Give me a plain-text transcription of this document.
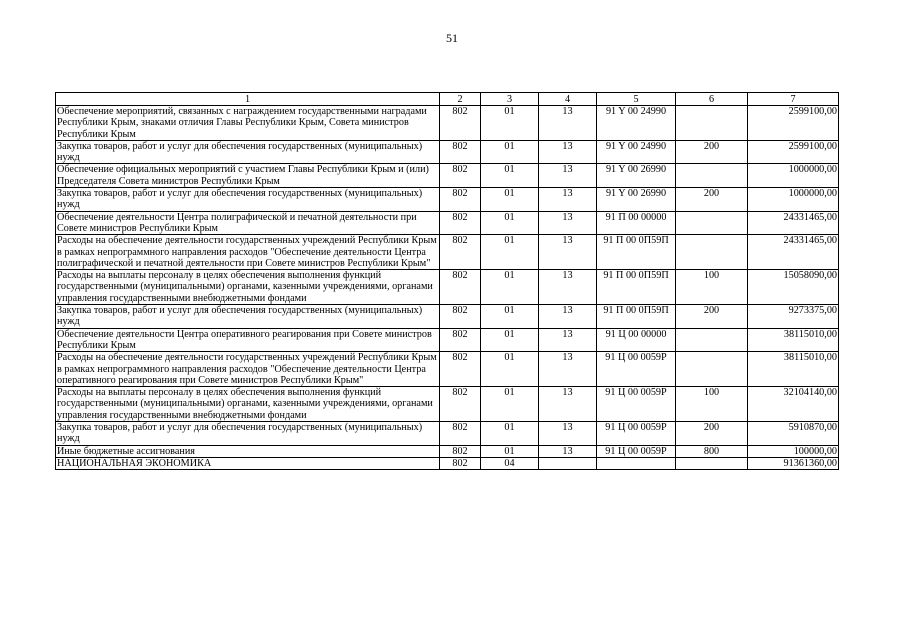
51
1	2	3	4	5	6	7
Обеспечение мероприятий, связанных с награждением государственными наградами Республики Крым, знаками отличия Главы Республики Крым, Совета министров Республики Крым	802	01	13	91 Y 00 24990		2599100,00
Закупка товаров, работ и услуг для обеспечения государственных (муниципальных) нужд	802	01	13	91 Y 00 24990	200	2599100,00
Обеспечение официальных мероприятий с участием Главы Республики Крым и (или) Председателя Совета министров Республики Крым	802	01	13	91 Y 00 26990		1000000,00
Закупка товаров, работ и услуг для обеспечения государственных (муниципальных) нужд	802	01	13	91 Y 00 26990	200	1000000,00
Обеспечение деятельности Центра полиграфической и печатной деятельности при Совете министров Республики Крым	802	01	13	91 П 00 00000		24331465,00
Расходы на обеспечение деятельности государственных учреждений Республики Крым в рамках непрограммного направления расходов "Обеспечение деятельности Центра полиграфической и печатной деятельности при Совете министров Республики Крым"	802	01	13	91 П 00 0П59П		24331465,00
Расходы на выплаты персоналу в целях обеспечения выполнения функций государственными (муниципальными) органами, казенными учреждениями, органами управления государственными внебюджетными фондами	802	01	13	91 П 00 0П59П	100	15058090,00
Закупка товаров, работ и услуг для обеспечения государственных (муниципальных) нужд	802	01	13	91 П 00 0П59П	200	9273375,00
Обеспечение деятельности Центра оперативного реагирования при Совете министров Республики Крым	802	01	13	91 Ц 00 00000		38115010,00
Расходы на обеспечение деятельности государственных учреждений Республики Крым в рамках непрограммного направления расходов "Обеспечение деятельности Центра оперативного реагирования при Совете министров Республики Крым"	802	01	13	91 Ц 00 0059Р		38115010,00
Расходы на выплаты персоналу в целях обеспечения выполнения функций государственными (муниципальными) органами, казенными учреждениями, органами управления государственными внебюджетными фондами	802	01	13	91 Ц 00 0059Р	100	32104140,00
Закупка товаров, работ и услуг для обеспечения государственных (муниципальных) нужд	802	01	13	91 Ц 00 0059Р	200	5910870,00
Иные бюджетные ассигнования	802	01	13	91 Ц 00 0059Р	800	100000,00
НАЦИОНАЛЬНАЯ ЭКОНОМИКА	802	04				91361360,00
